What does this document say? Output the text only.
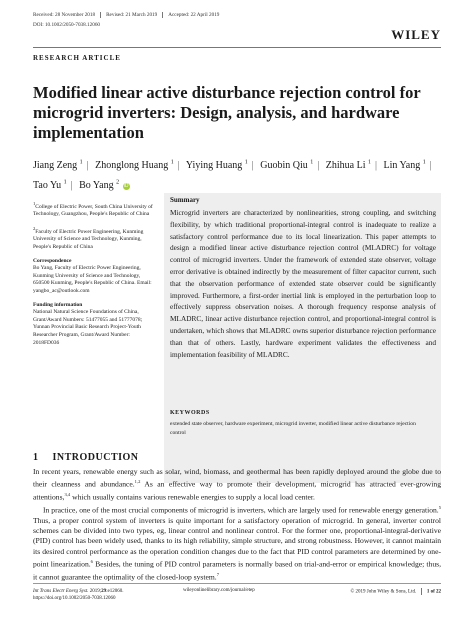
Received: 28 November 2018 Revised: 21 March 2019 Accepted: 22 April 2019
DOI: 10.1002/2050-7038.12060
WILEY
RESEARCH ARTICLE
Modified linear active disturbance rejection control for microgrid inverters: Design, analysis, and hardware implementation
Jiang Zeng $^1$ | Zhonglong Huang $^1$ | Yiying Huang $^1$ | Guobin Qiu $^1$ | Zhihua Li $^1$ | Lin Yang $^1$ |
Tao Yu $^1$ | Bo Yang $^2$ iD

$^1$College of Electric Power, South China University of Technology, Guangzhou, People's Republic of China

$^2$Faculty of Electric Power Engineering, Kunming University of Science and Technology, Kunming, People's Republic of China

Correspondence

Bo Yang, Faculty of Electric Power Engineering, Kunming University of Science and Technology, 650500 Kunming, People's Republic of China. Email: yangbo_ac@outlook.com

Funding information

National Natural Science Foundations of China, Grant/Award Numbers: 51477055 and 51777078; Yunnan Provincial Basic Research Project-Youth Researcher Program, Grant/Award Number: 2018FD036

Summary
Microgrid inverters are characterized by nonlinearities, strong coupling, and switching flexibility, by which traditional proportional-integral control is inadequate to realize a satisfactory control performance due to its local linearization. This paper attempts to design a modified linear active disturbance rejection control (MLADRC) for voltage control of microgrid inverters. Under the framework of extended state observer, voltage error derivative is obtained indirectly by the measurement of filter capacitor current, such that the observation performance of extended state observer could be significantly improved. Furthermore, a first-order inertial link is employed in the perturbation loop to effectively suppress observation noises. A thorough frequency response analysis of MLADRC, linear active disturbance rejection control, and proportional-integral control is undertaken, which shows that MLADRC owns superior disturbance rejection performance than that of others. Lastly, hardware experiment validates the effectiveness and implementation feasibility of MLADRC.
KEYWORDS
extended state observer, hardware experiment, microgrid inverter, modified linear active disturbance rejection control
1 INTRODUCTION

In recent years, renewable energy such as solar, wind, biomass, and geothermal has been rapidly deployed around the globe due to their cleanness and abundance.$^{1,2}$ As an effective way to promote their development, microgrid has attracted ever-growing attentions,$^{3,4}$ which usually contains various renewable energies to supply a local load center.

In practice, one of the most crucial components of microgrid is inverters, which are largely used for renewable energy generation.$^5$ Thus, a proper control system of inverters is quite important for a satisfactory operation of microgrid. In general, inverter control schemes can be divided into two types, eg, linear control and nonlinear control. For the former one, proportional-integral-derivative (PID) control has been widely used, thanks to its high reliability, simple structure, and strong robustness. However, it cannot maintain its desired control performance as the operation condition changes due to the fact that PID control parameters are determined by one-point linearization.$^6$ Besides, the tuning of PID control parameters is normally based on trial-and-error or empirical knowledge; thus, it cannot guarantee the optimality of the closed-loop system.$^7$

Int Trans Electr Energ Syst. 2019;29:e12060.
https://doi.org/10.1002/2050-7038.12060
wileyonlinelibrary.com/journal/etep	© 2019 John Wiley & Sons, Ltd. 1 of 22
